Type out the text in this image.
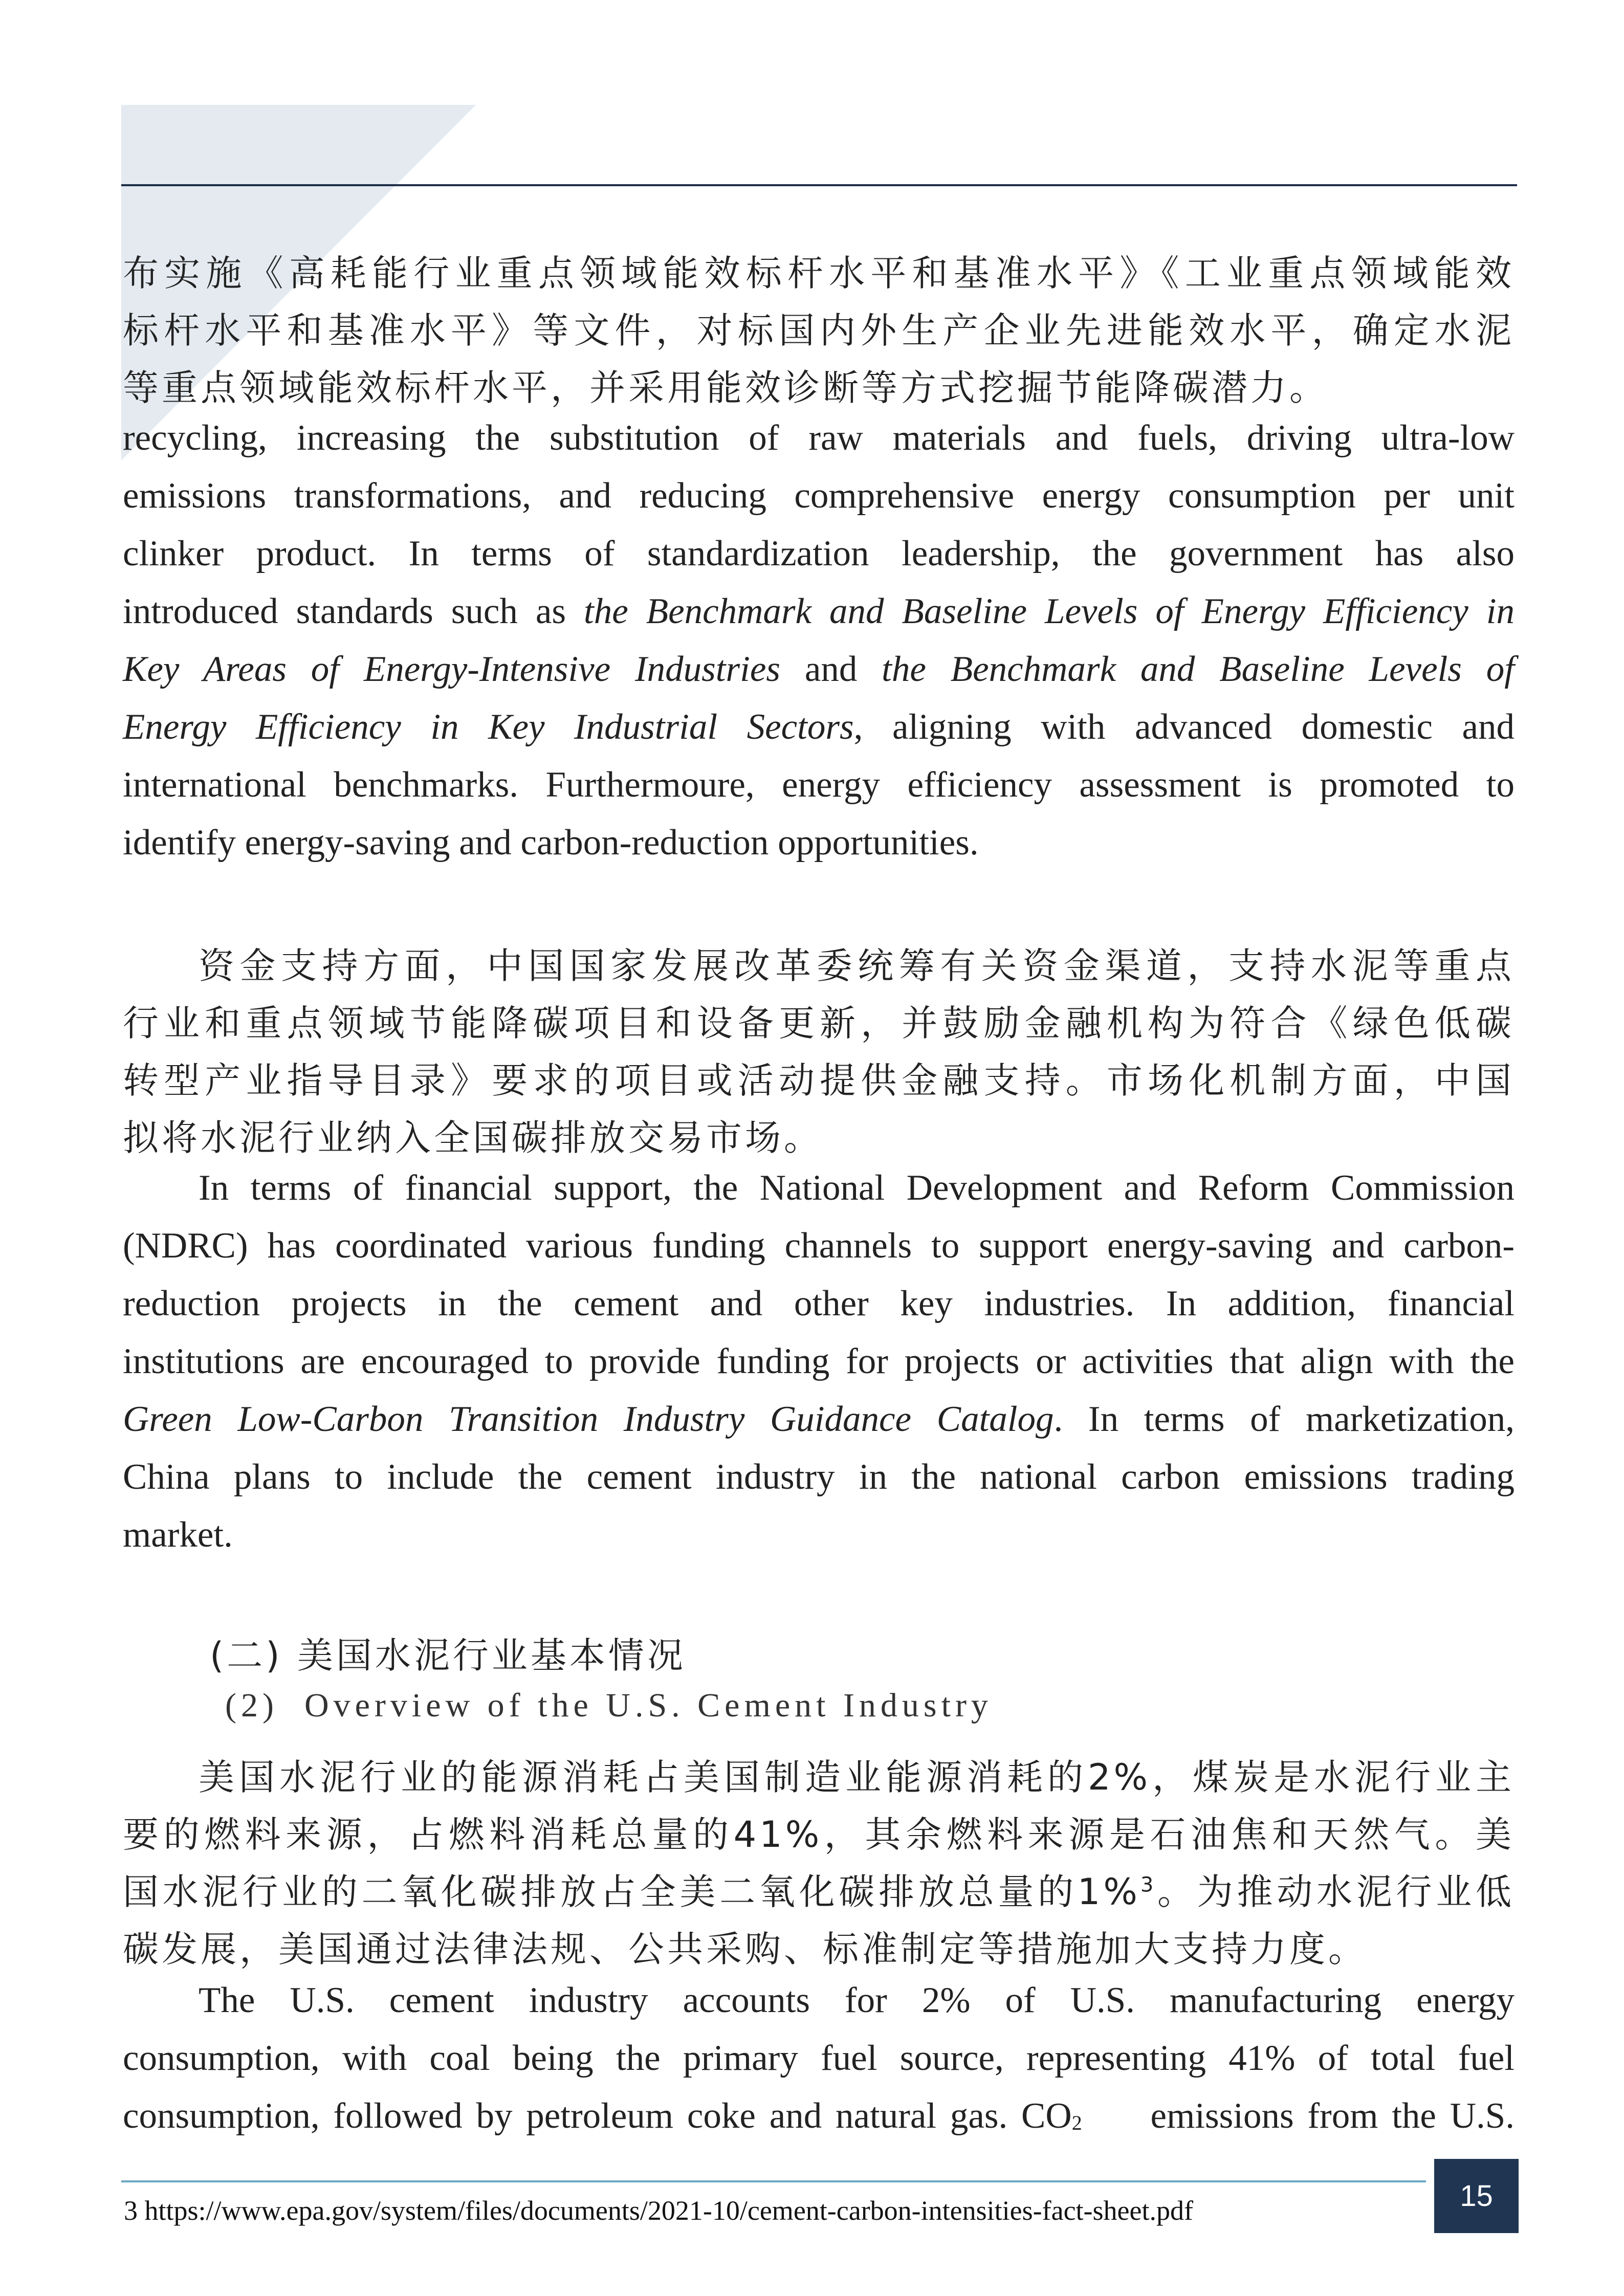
布实施《高耗能行业重点领域能效标杆水平和基准水平》《工业重点领域能效
标杆水平和基准水平》等文件，对标国内外生产企业先进能效水平，确定水泥
等重点领域能效标杆水平，并采用能效诊断等方式挖掘节能降碳潜力。
recycling, increasing the substitution of raw materials and fuels, driving ultra-low
emissions transformations, and reducing comprehensive energy consumption per unit
clinker product. In terms of standardization leadership, the government has also
introduced standards such as the Benchmark and Baseline Levels of Energy Efficiency in
Key Areas of Energy-Intensive Industries and the Benchmark and Baseline Levels of
Energy Efficiency in Key Industrial Sectors, aligning with advanced domestic and
international benchmarks. Furthermoure, energy efficiency assessment is promoted to
identify energy-saving and carbon-reduction opportunities.
资金支持方面，中国国家发展改革委统筹有关资金渠道，支持水泥等重点
行业和重点领域节能降碳项目和设备更新，并鼓励金融机构为符合《绿色低碳
转型产业指导目录》要求的项目或活动提供金融支持。市场化机制方面，中国
拟将水泥行业纳入全国碳排放交易市场。
In terms of financial support, the National Development and Reform Commission
(NDRC) has coordinated various funding channels to support energy-saving and carbon-
reduction projects in the cement and other key industries. In addition, financial
institutions are encouraged to provide funding for projects or activities that align with the
Green Low-Carbon Transition Industry Guidance Catalog. In terms of marketization,
China plans to include the cement industry in the national carbon emissions trading
market.

(二) 美国水泥行业基本情况

(2)  Overview of the U.S. Cement Industry

美国水泥行业的能源消耗占美国制造业能源消耗的2%，煤炭是水泥行业主
要的燃料来源，占燃料消耗总量的41%，其余燃料来源是石油焦和天然气。美
国水泥行业的二氧化碳排放占全美二氧化碳排放总量的1%$^3$。为推动水泥行业低
碳发展，美国通过法律法规、公共采购、标准制定等措施加大支持力度。
The U.S. cement industry accounts for 2% of U.S. manufacturing energy
consumption, with coal being the primary fuel source, representing 41% of total fuel
consumption, followed by petroleum coke and natural gas. CO2     emissions from the U.S.

3 https://www.epa.gov/system/files/documents/2021-10/cement-carbon-intensities-fact-sheet.pdf	15
